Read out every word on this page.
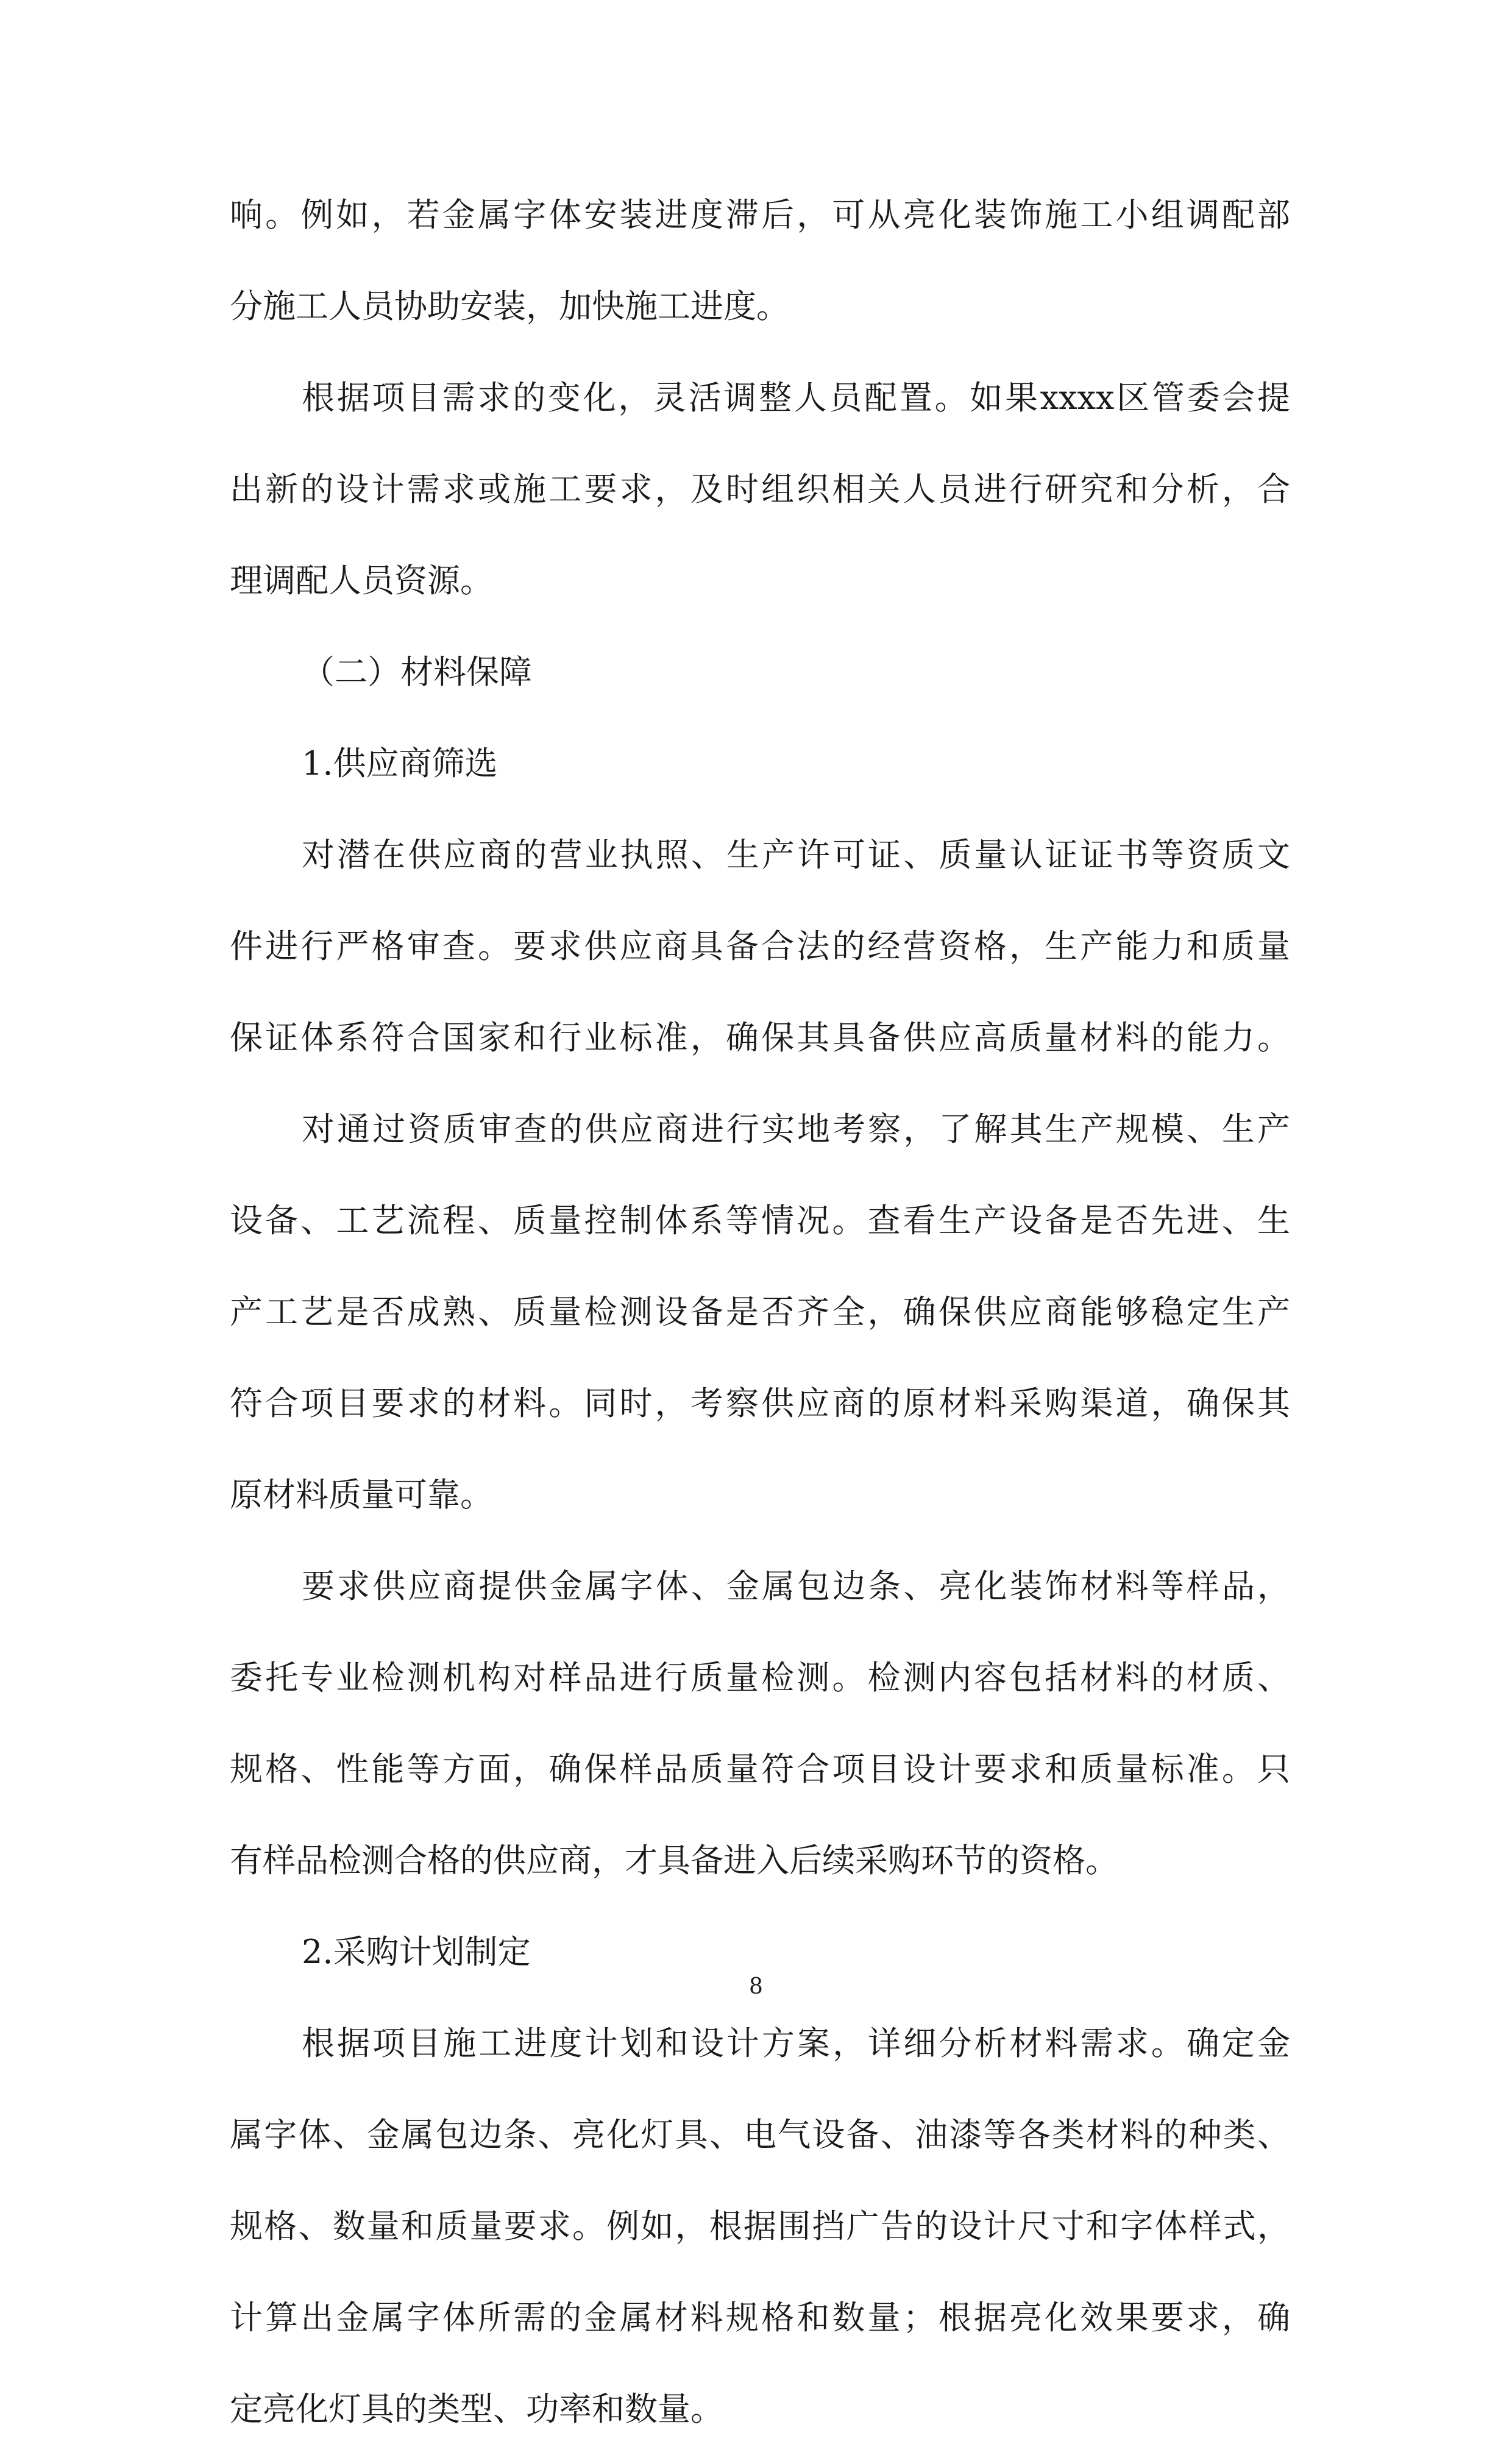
响。例如，若金属字体安装进度滞后，可从亮化装饰施工小组调配部
分施工人员协助安装，加快施工进度。
根据项目需求的变化，灵活调整人员配置。如果xxxx区管委会提
出新的设计需求或施工要求，及时组织相关人员进行研究和分析，合
理调配人员资源。
（二）材料保障
1.供应商筛选
对潜在供应商的营业执照、生产许可证、质量认证证书等资质文
件进行严格审查。要求供应商具备合法的经营资格，生产能力和质量
保证体系符合国家和行业标准，确保其具备供应高质量材料的能力。
对通过资质审查的供应商进行实地考察，了解其生产规模、生产
设备、工艺流程、质量控制体系等情况。查看生产设备是否先进、生
产工艺是否成熟、质量检测设备是否齐全，确保供应商能够稳定生产
符合项目要求的材料。同时，考察供应商的原材料采购渠道，确保其
原材料质量可靠。
要求供应商提供金属字体、金属包边条、亮化装饰材料等样品，
委托专业检测机构对样品进行质量检测。检测内容包括材料的材质、
规格、性能等方面，确保样品质量符合项目设计要求和质量标准。只
有样品检测合格的供应商，才具备进入后续采购环节的资格。
2.采购计划制定
根据项目施工进度计划和设计方案，详细分析材料需求。确定金
属字体、金属包边条、亮化灯具、电气设备、油漆等各类材料的种类、
规格、数量和质量要求。例如，根据围挡广告的设计尺寸和字体样式，
计算出金属字体所需的金属材料规格和数量；根据亮化效果要求，确
定亮化灯具的类型、功率和数量。
8
